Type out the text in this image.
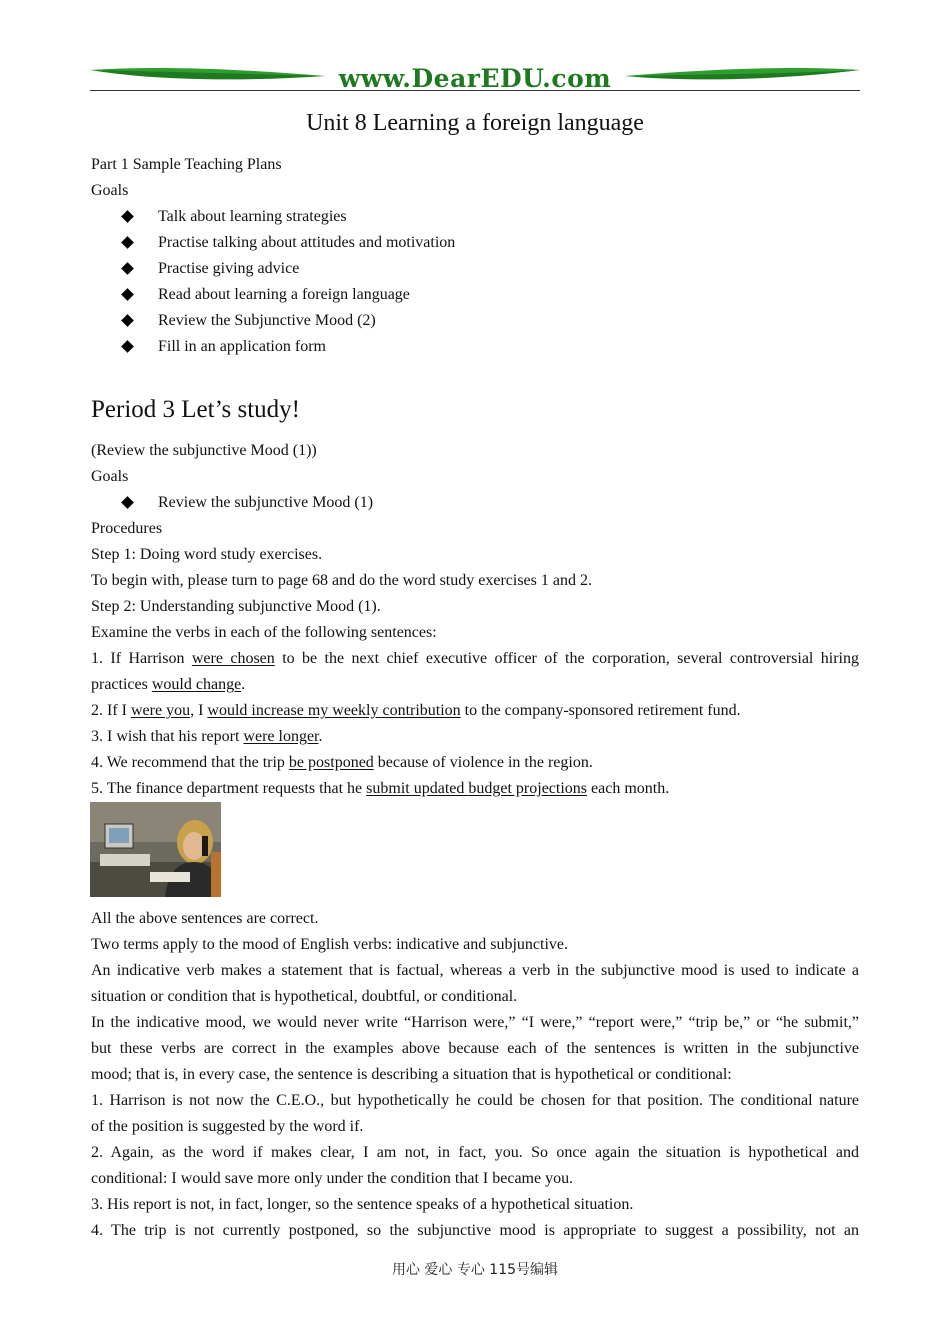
www.DearEDU.com
Unit 8 Learning a foreign language
Part 1 Sample Teaching Plans
Goals
Talk about learning strategies
Practise talking about attitudes and motivation
Practise giving advice
Read about learning a foreign language
Review the Subjunctive Mood (2)
Fill in an application form
Period 3 Let’s study!
(Review the subjunctive Mood (1))
Goals
Review the subjunctive Mood (1)
Procedures
Step 1: Doing word study exercises.
To begin with, please turn to page 68 and do the word study exercises 1 and 2.
Step 2: Understanding subjunctive Mood (1).
Examine the verbs in each of the following sentences:
1. If Harrison were chosen to be the next chief executive officer of the corporation, several controversial hiring
practices would change.
2. If I were you, I would increase my weekly contribution to the company-sponsored retirement fund.
3. I wish that his report were longer.
4. We recommend that the trip be postponed because of violence in the region.
5. The finance department requests that he submit updated budget projections each month.
All the above sentences are correct.
Two terms apply to the mood of English verbs: indicative and subjunctive.
An indicative verb makes a statement that is factual, whereas a verb in the subjunctive mood is used to indicate a
situation or condition that is hypothetical, doubtful, or conditional.
In the indicative mood, we would never write “Harrison were,” “I were,” “report were,” “trip be,” or “he submit,”
but these verbs are correct in the examples above because each of the sentences is written in the subjunctive
mood; that is, in every case, the sentence is describing a situation that is hypothetical or conditional:
1. Harrison is not now the C.E.O., but hypothetically he could be chosen for that position. The conditional nature
of the position is suggested by the word if.
2. Again, as the word if makes clear, I am not, in fact, you. So once again the situation is hypothetical and
conditional: I would save more only under the condition that I became you.
3. His report is not, in fact, longer, so the sentence speaks of a hypothetical situation.
4. The trip is not currently postponed, so the subjunctive mood is appropriate to suggest a possibility, not an
用心 爱心 专心 115号编辑
